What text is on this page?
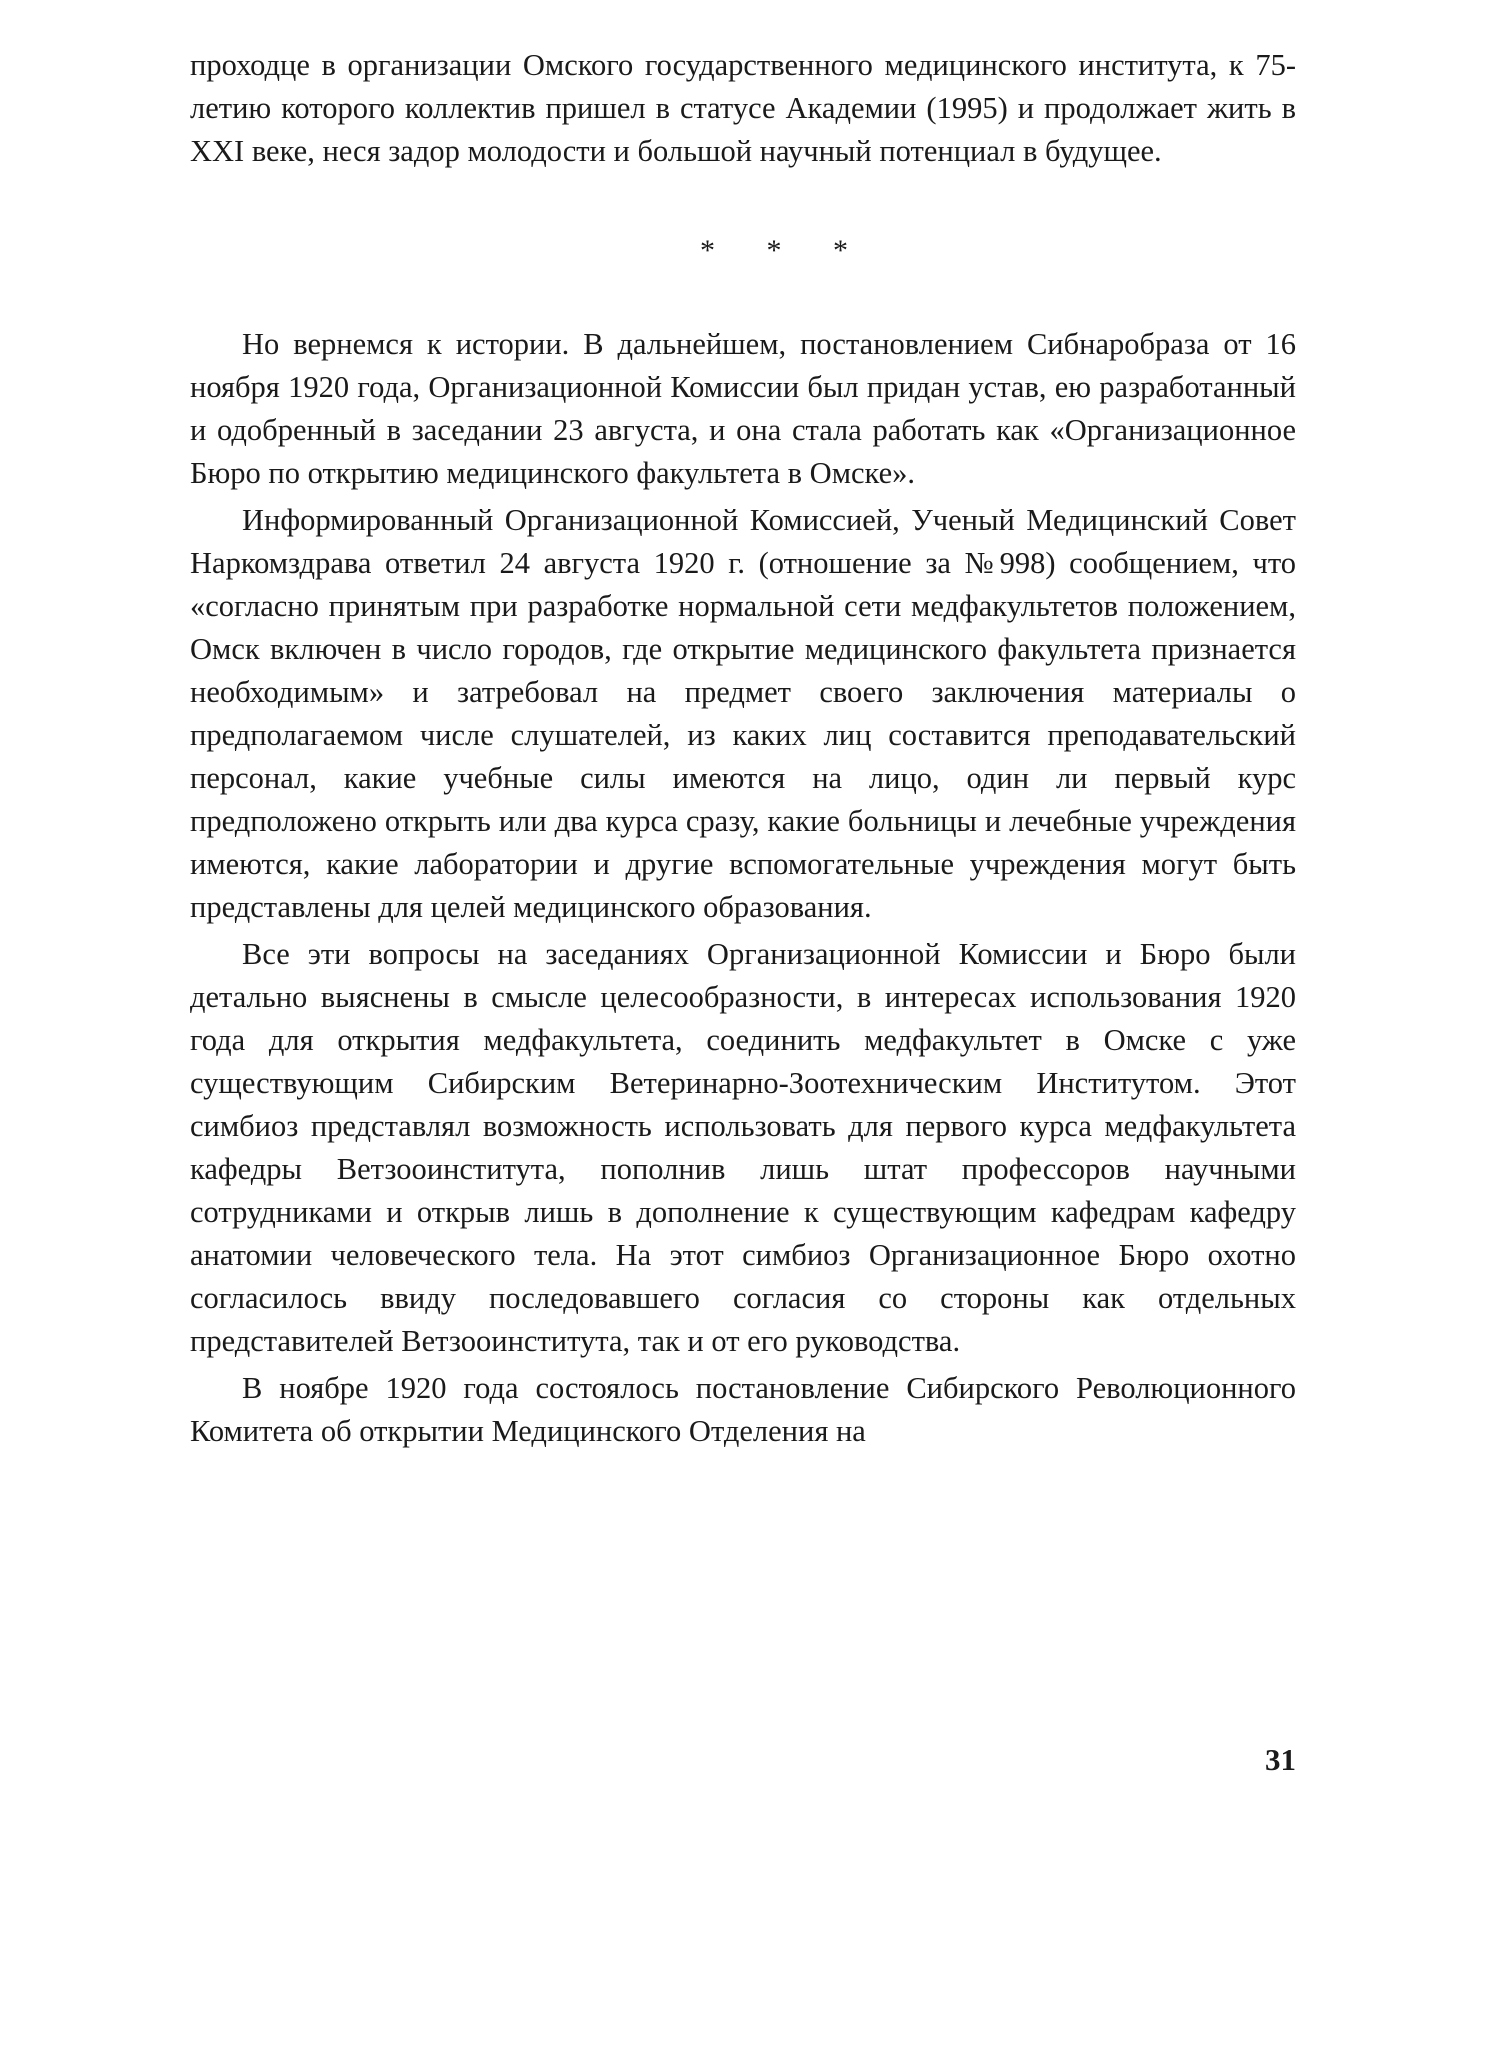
проходце в организации Омского государственного медицинского института, к 75-летию которого коллектив пришел в статусе Академии (1995) и продолжает жить в XXI веке, неся задор молодости и большой научный потенциал в будущее.

* * *

Но вернемся к истории. В дальнейшем, постановлением Сибнаробраза от 16 ноября 1920 года, Организационной Комиссии был придан устав, ею разработанный и одобренный в заседании 23 августа, и она стала работать как «Организационное Бюро по открытию медицинского факультета в Омске».

Информированный Организационной Комиссией, Ученый Медицинский Совет Наркомздрава ответил 24 августа 1920 г. (отношение за №998) сообщением, что «согласно принятым при разработке нормальной сети медфакультетов положением, Омск включен в число городов, где открытие медицинского факультета признается необходимым» и затребовал на предмет своего заключения материалы о предполагаемом числе слушателей, из каких лиц составится преподавательский персонал, какие учебные силы имеются на лицо, один ли первый курс предположено открыть или два курса сразу, какие больницы и лечебные учреждения имеются, какие лаборатории и другие вспомогательные учреждения могут быть представлены для целей медицинского образования.

Все эти вопросы на заседаниях Организационной Комиссии и Бюро были детально выяснены в смысле целесообразности, в интересах использования 1920 года для открытия медфакультета, соединить медфакультет в Омске с уже существующим Сибирским Ветеринарно-Зоотехническим Институтом. Этот симбиоз представлял возможность использовать для первого курса медфакультета кафедры Ветзооинститута, пополнив лишь штат профессоров научными сотрудниками и открыв лишь в дополнение к существующим кафедрам кафедру анатомии человеческого тела. На этот симбиоз Организационное Бюро охотно согласилось ввиду последовавшего согласия со стороны как отдельных представителей Ветзооинститута, так и от его руководства.

В ноябре 1920 года состоялось постановление Сибирского Революционного Комитета об открытии Медицинского Отделения на

31
